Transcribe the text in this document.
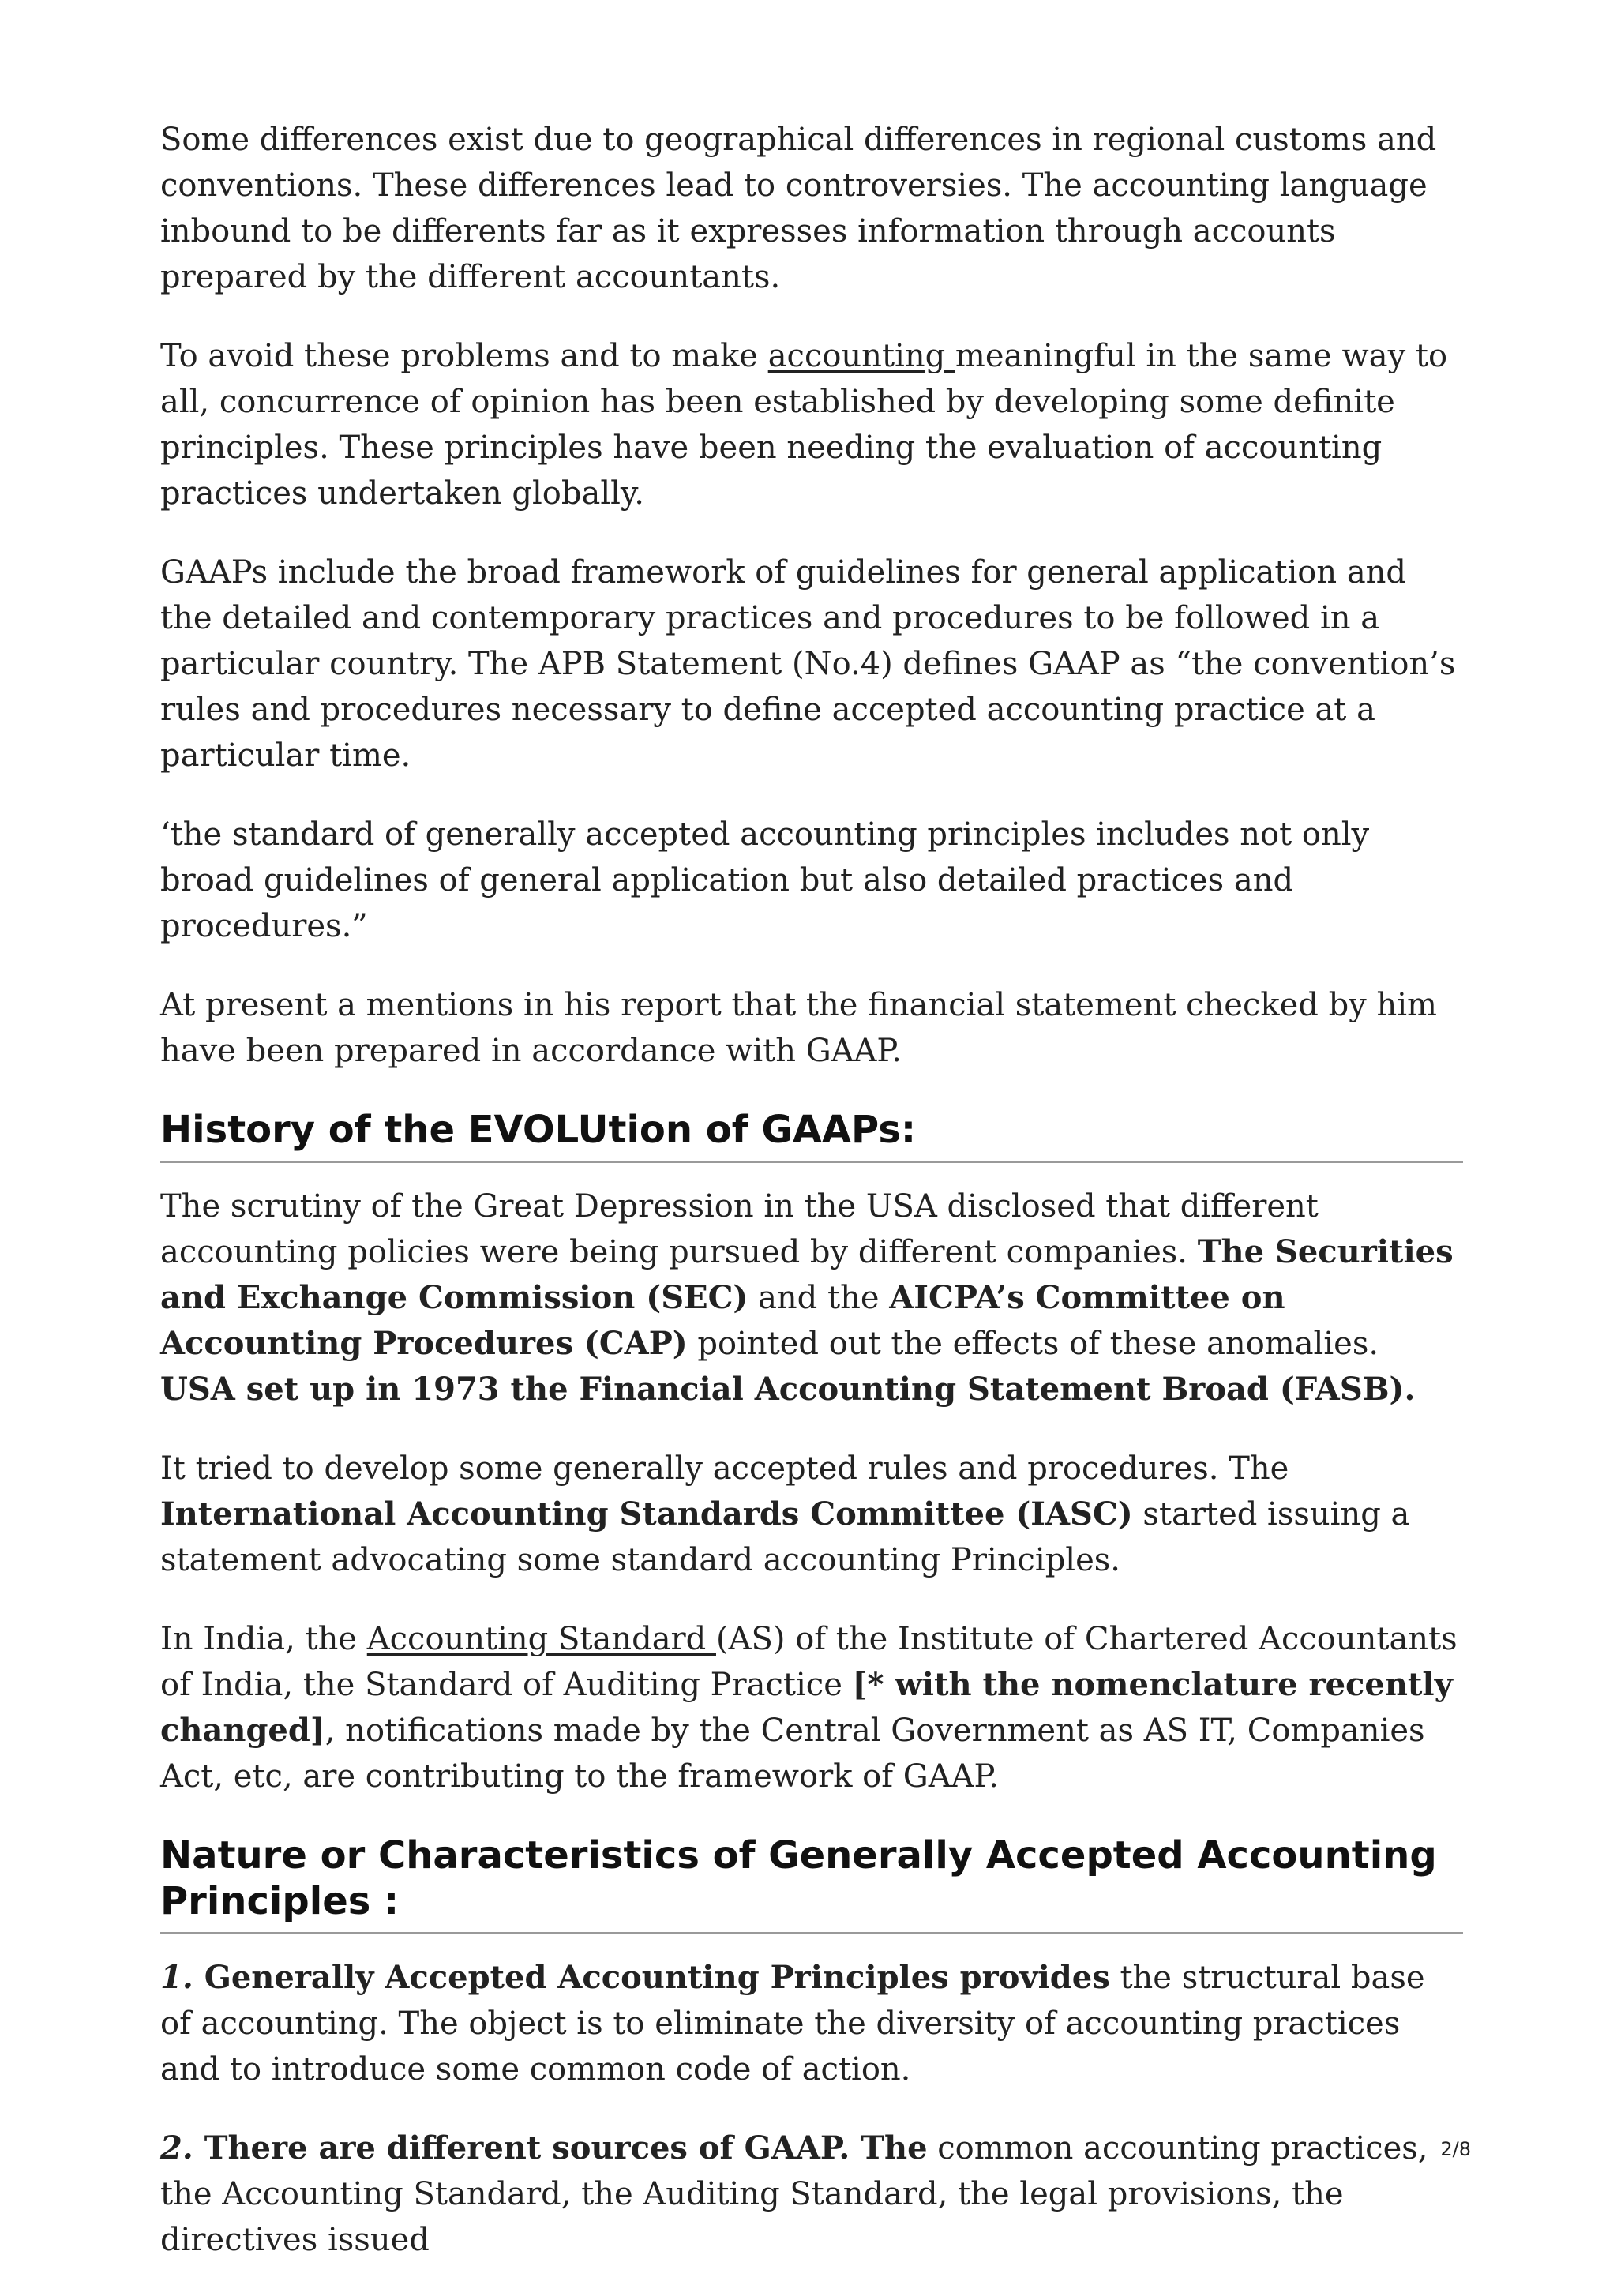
Some differences exist due to geographical differences in regional customs and conventions. These differences lead to controversies. The accounting language inbound to be differents far as it expresses information through accounts prepared by the different accountants.

To avoid these problems and to make accounting meaningful in the same way to all, concurrence of opinion has been established by developing some definite principles. These principles have been needing the evaluation of accounting practices undertaken globally.

GAAPs include the broad framework of guidelines for general application and the detailed and contemporary practices and procedures to be followed in a particular country. The APB Statement (No.4) defines GAAP as “the convention’s rules and procedures necessary to define accepted accounting practice at a particular time.

‘the standard of generally accepted accounting principles includes not only broad guidelines of general application but also detailed practices and procedures.”

At present a mentions in his report that the financial statement checked by him have been prepared in accordance with GAAP.

History of the EVOLUtion of GAAPs:

The scrutiny of the Great Depression in the USA disclosed that different accounting policies were being pursued by different companies. The Securities and Exchange Commission (SEC) and the AICPA’s Committee on Accounting Procedures (CAP) pointed out the effects of these anomalies. USA set up in 1973 the Financial Accounting Statement Broad (FASB).

It tried to develop some generally accepted rules and procedures. The International Accounting Standards Committee (IASC) started issuing a statement advocating some standard accounting Principles.

In India, the Accounting Standard (AS) of the Institute of Chartered Accountants of India, the Standard of Auditing Practice [* with the nomenclature recently changed], notifications made by the Central Government as AS IT, Companies Act, etc, are contributing to the framework of GAAP.

Nature or Characteristics of Generally Accepted Accounting Principles :

1. Generally Accepted Accounting Principles provides the structural base of accounting. The object is to eliminate the diversity of accounting practices and to introduce some common code of action.

2. There are different sources of GAAP. The common accounting practices, the Accounting Standard, the Auditing Standard, the legal provisions, the directives issued

2/8
